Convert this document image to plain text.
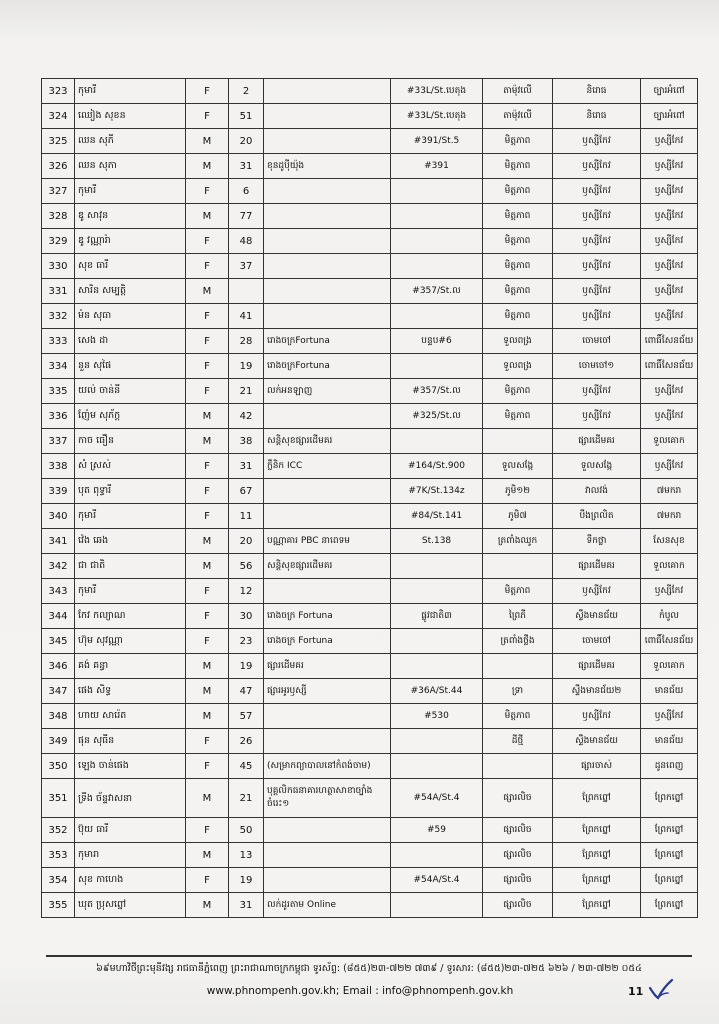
323	កុមារី	F	2		#33L/St.បេតុង	តាម៉ុវលើ	និរោធ	ច្បារអំពៅ
324	ឈៀង សុខន	F	51		#33L/St.បេតុង	តាម៉ុវលើ	និរោធ	ច្បារអំពៅ
325	ឈន សុភី	M	20		#391/St.5	មិត្តភាព	ឫស្សីកែវ	ឫស្សីកែវ
326	ឈន សុភា	M	31	ខុនដូបុីយ៉ុង	#391	មិត្តភាព	ឫស្សីកែវ	ឫស្សីកែវ
327	កុមារី	F	6			មិត្តភាព	ឫស្សីកែវ	ឫស្សីកែវ
328	ឌូ សាវុន	M	77			មិត្តភាព	ឫស្សីកែវ	ឫស្សីកែវ
329	ឌូ វណ្ណារ៉ា	F	48			មិត្តភាព	ឫស្សីកែវ	ឫស្សីកែវ
330	សុខ ធារី	F	37			មិត្តភាព	ឫស្សីកែវ	ឫស្សីកែវ
331	សារិន សម្បត្តិ	M			#357/St.ល	មិត្តភាព	ឫស្សីកែវ	ឫស្សីកែវ
332	ម៉ន សុធា	F	41			មិត្តភាព	ឫស្សីកែវ	ឫស្សីកែវ
333	សេង ដា	F	28	រោងចក្រFortuna	បន្ទប#6	ទួលពង្រ	ចោមចៅ	ពោធិ៍សែនជ័យ
334	នួន សុផៃ	F	19	រោងចក្រFortuna		ទួលពង្រ	ចោមចៅ១	ពោធិ៍សែនជ័យ
335	យល់ ចាន់នី	F	21	លក់អនឡាញ	#357/St.ល	មិត្តភាព	ឫស្សីកែវ	ឫស្សីកែវ
336	ញ៉ែម សុភ័ក្ត	M	42		#325/St.ល	មិត្តភាព	ឫស្សីកែវ	ឫស្សីកែវ
337	កាច ធឿន	M	38	សន្តិសុខផ្សារដើមគរ			ផ្សារដើមគរ	ទួលគោក
338	សំ ស្រស់	F	31	ក្លឹនិក ICC	#164/St.900	ទួលសង្កែ	ទួលសង្កែ	ឫស្សីកែវ
339	បុត ពុទ្ធារី	F	67		#7K/St.134z	ភូមិ១២	វាលវង់	៧មករា
340	កុមារី	F	11		#84/St.141	ភូមិ៧	បឹងព្រលិត	៧មករា
341	វ៉េង ឆេង	M	20	បណ្ណាគារ PBC នាពេទម	St.138	ត្រពាំងឈូក	ទឹកថ្លា	សែនសុខ
342	ជា ជាតិ	M	56	សន្តិសុខផ្សារដើមគរ			ផ្សារដើមគរ	ទួលគោក
343	កុមារី	F	12			មិត្តភាព	ឫស្សីកែវ	ឫស្សីកែវ
344	កែវ កល្យាណ	F	30	រោងចក្រ Fortuna	ផ្លូវជាតិ៣	ព្រៃភី	ស្ទឹងមានជ័យ	កំបូល
345	ហ៊ុម សុវណ្ណា	F	23	រោងចក្រ Fortuna		ត្រពាំងថ្លឹង	ចោមចៅ	ពោធិ៍សែនជ័យ
346	គង់ គន្ធា	M	19	ផ្សារដើមគរ			ផ្សារដើមគរ	ទួលគោក
347	ផេង សិទ្ធ	M	47	ផ្សារអូរឫស្សី	#36A/St.44	ទ្រា	ស្ទឹងមានជ័យ២	មានជ័យ
348	ហាយ សារ៉េត	M	57		#530	មិត្តភាព	ឫស្សីកែវ	ឫស្សីកែវ
349	ផុន សុធីន	F	26			ដីថ្មី	ស្ទឹងមានជ័យ	មានជ័យ
350	ឡេង ចាន់ផេង	F	45	(សម្រាកព្យាបាលនៅកំពង់ចាម)			ផ្សារចាស់	ដូនពេញ
351	ទ្រីង ច័ន្ទវាសនា	M	21	បុគ្គលិកធនាគារហត្ថាសាខាច្បាំងចំរេះ១	#54A/St.4	ផ្សារលិច	ព្រែកព្នៅ	ព្រែកព្នៅ
352	ប៊ុយ ធារី	F	50		#59	ផ្សារលិច	ព្រែកព្នៅ	ព្រែកព្នៅ
353	កុមារា	M	13			ផ្សារលិច	ព្រែកព្នៅ	ព្រែកព្នៅ
354	សុខ កាហេង	F	19		#54A/St.4	ផ្សារលិច	ព្រែកព្នៅ	ព្រែកព្នៅ
355	ឃុត ប្រុសព្នៅ	M	31	លក់ដូរតាម Online		ផ្សារលិច	ព្រែកព្នៅ	ព្រែកព្នៅ
៦៩មហាវិថីព្រះមុនីវង្ស រាជធានីភ្នំពេញ ព្រះរាជាណាចក្រកម្ពុជា ទូរស័ព្ទ: (៨៥៥)២៣-៧២២ ៧៣៩ / ទូរសារ: (៨៥៥)២៣-៧២៥ ៦២៦ / ២៣-៧២២ ០៥៤
www.phnompenh.gov.kh; Email : info@phnompenh.gov.kh	11
